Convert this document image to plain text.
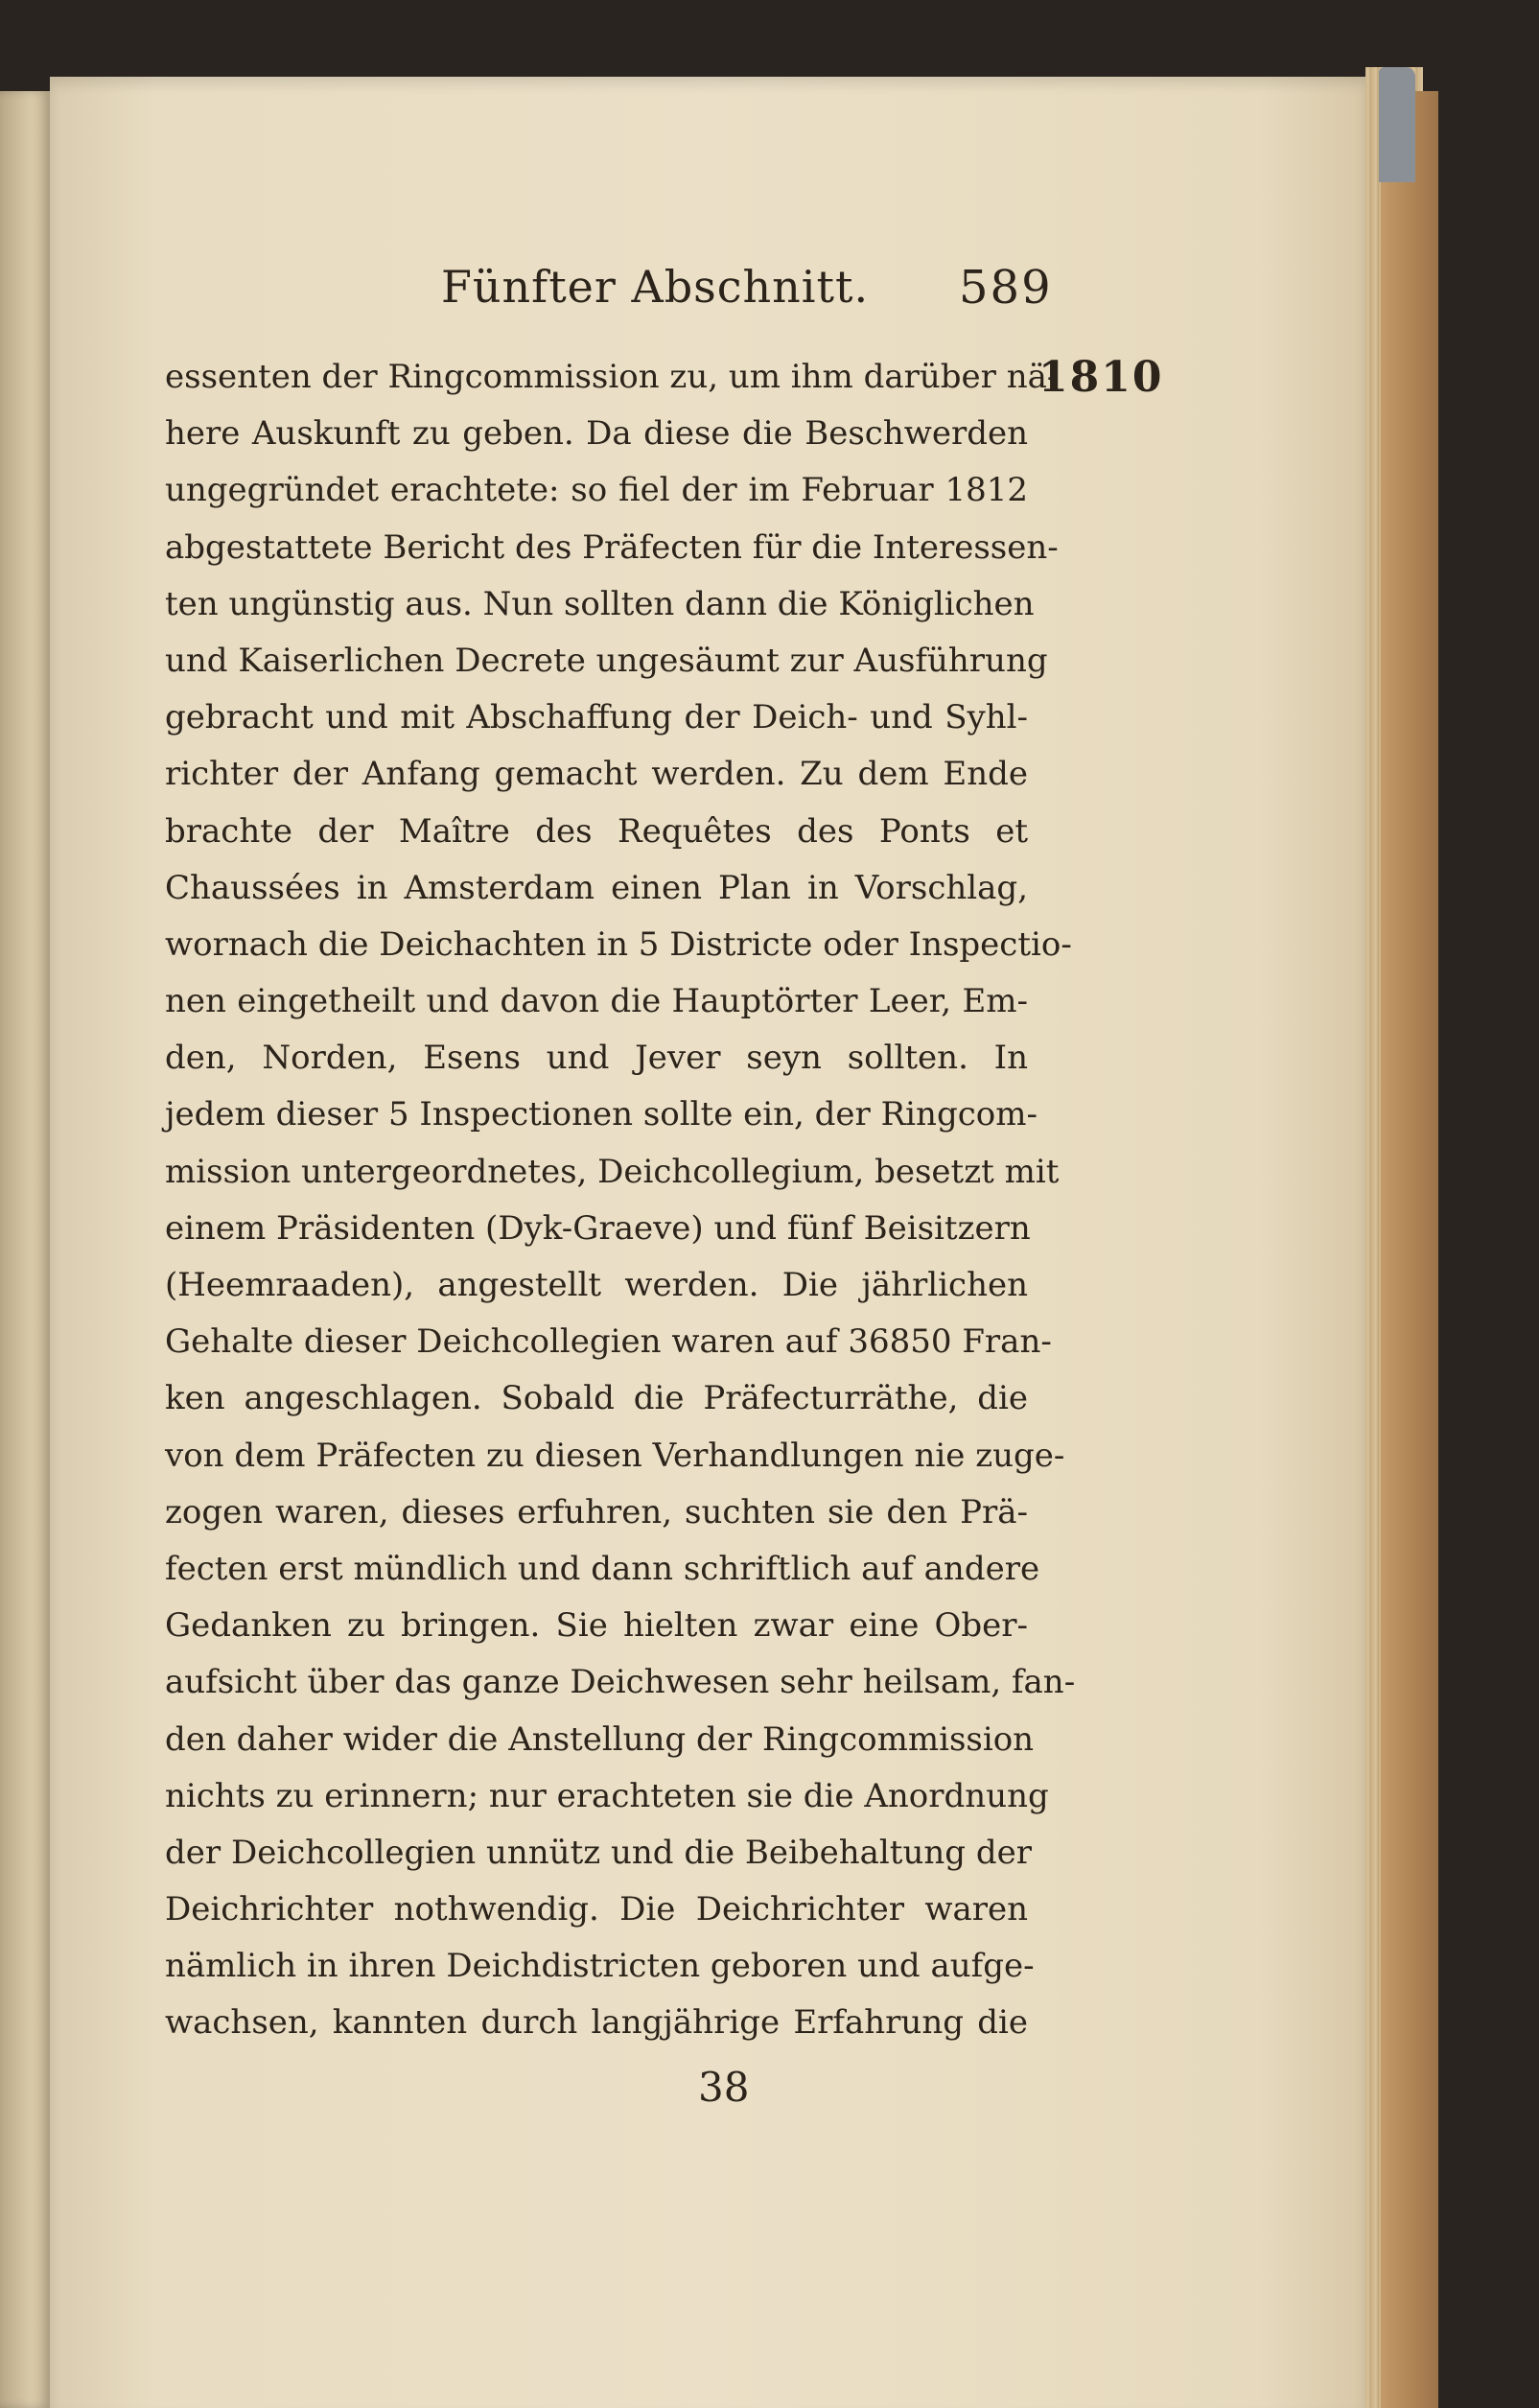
Fünfter Abschnitt. 589
1810
essenten der Ringcommission zu, um ihm darüber nä-
here Auskunft zu geben. Da diese die Beschwerden
ungegründet erachtete: so fiel der im Februar 1812
abgestattete Bericht des Präfecten für die Interessen-
ten ungünstig aus. Nun sollten dann die Königlichen
und Kaiserlichen Decrete ungesäumt zur Ausführung
gebracht und mit Abschaffung der Deich- und Syhl-
richter der Anfang gemacht werden. Zu dem Ende
brachte der Maître des Requêtes des Ponts et
Chaussées in Amsterdam einen Plan in Vorschlag,
wornach die Deichachten in 5 Districte oder Inspectio-
nen eingetheilt und davon die Hauptörter Leer, Em-
den, Norden, Esens und Jever seyn sollten. In
jedem dieser 5 Inspectionen sollte ein, der Ringcom-
mission untergeordnetes, Deichcollegium, besetzt mit
einem Präsidenten (Dyk-Graeve) und fünf Beisitzern
(Heemraaden), angestellt werden. Die jährlichen
Gehalte dieser Deichcollegien waren auf 36850 Fran-
ken angeschlagen. Sobald die Präfecturräthe, die
von dem Präfecten zu diesen Verhandlungen nie zuge-
zogen waren, dieses erfuhren, suchten sie den Prä-
fecten erst mündlich und dann schriftlich auf andere
Gedanken zu bringen. Sie hielten zwar eine Ober-
aufsicht über das ganze Deichwesen sehr heilsam, fan-
den daher wider die Anstellung der Ringcommission
nichts zu erinnern; nur erachteten sie die Anordnung
der Deichcollegien unnütz und die Beibehaltung der
Deichrichter nothwendig. Die Deichrichter waren
nämlich in ihren Deichdistricten geboren und aufge-
wachsen, kannten durch langjährige Erfahrung die
38
